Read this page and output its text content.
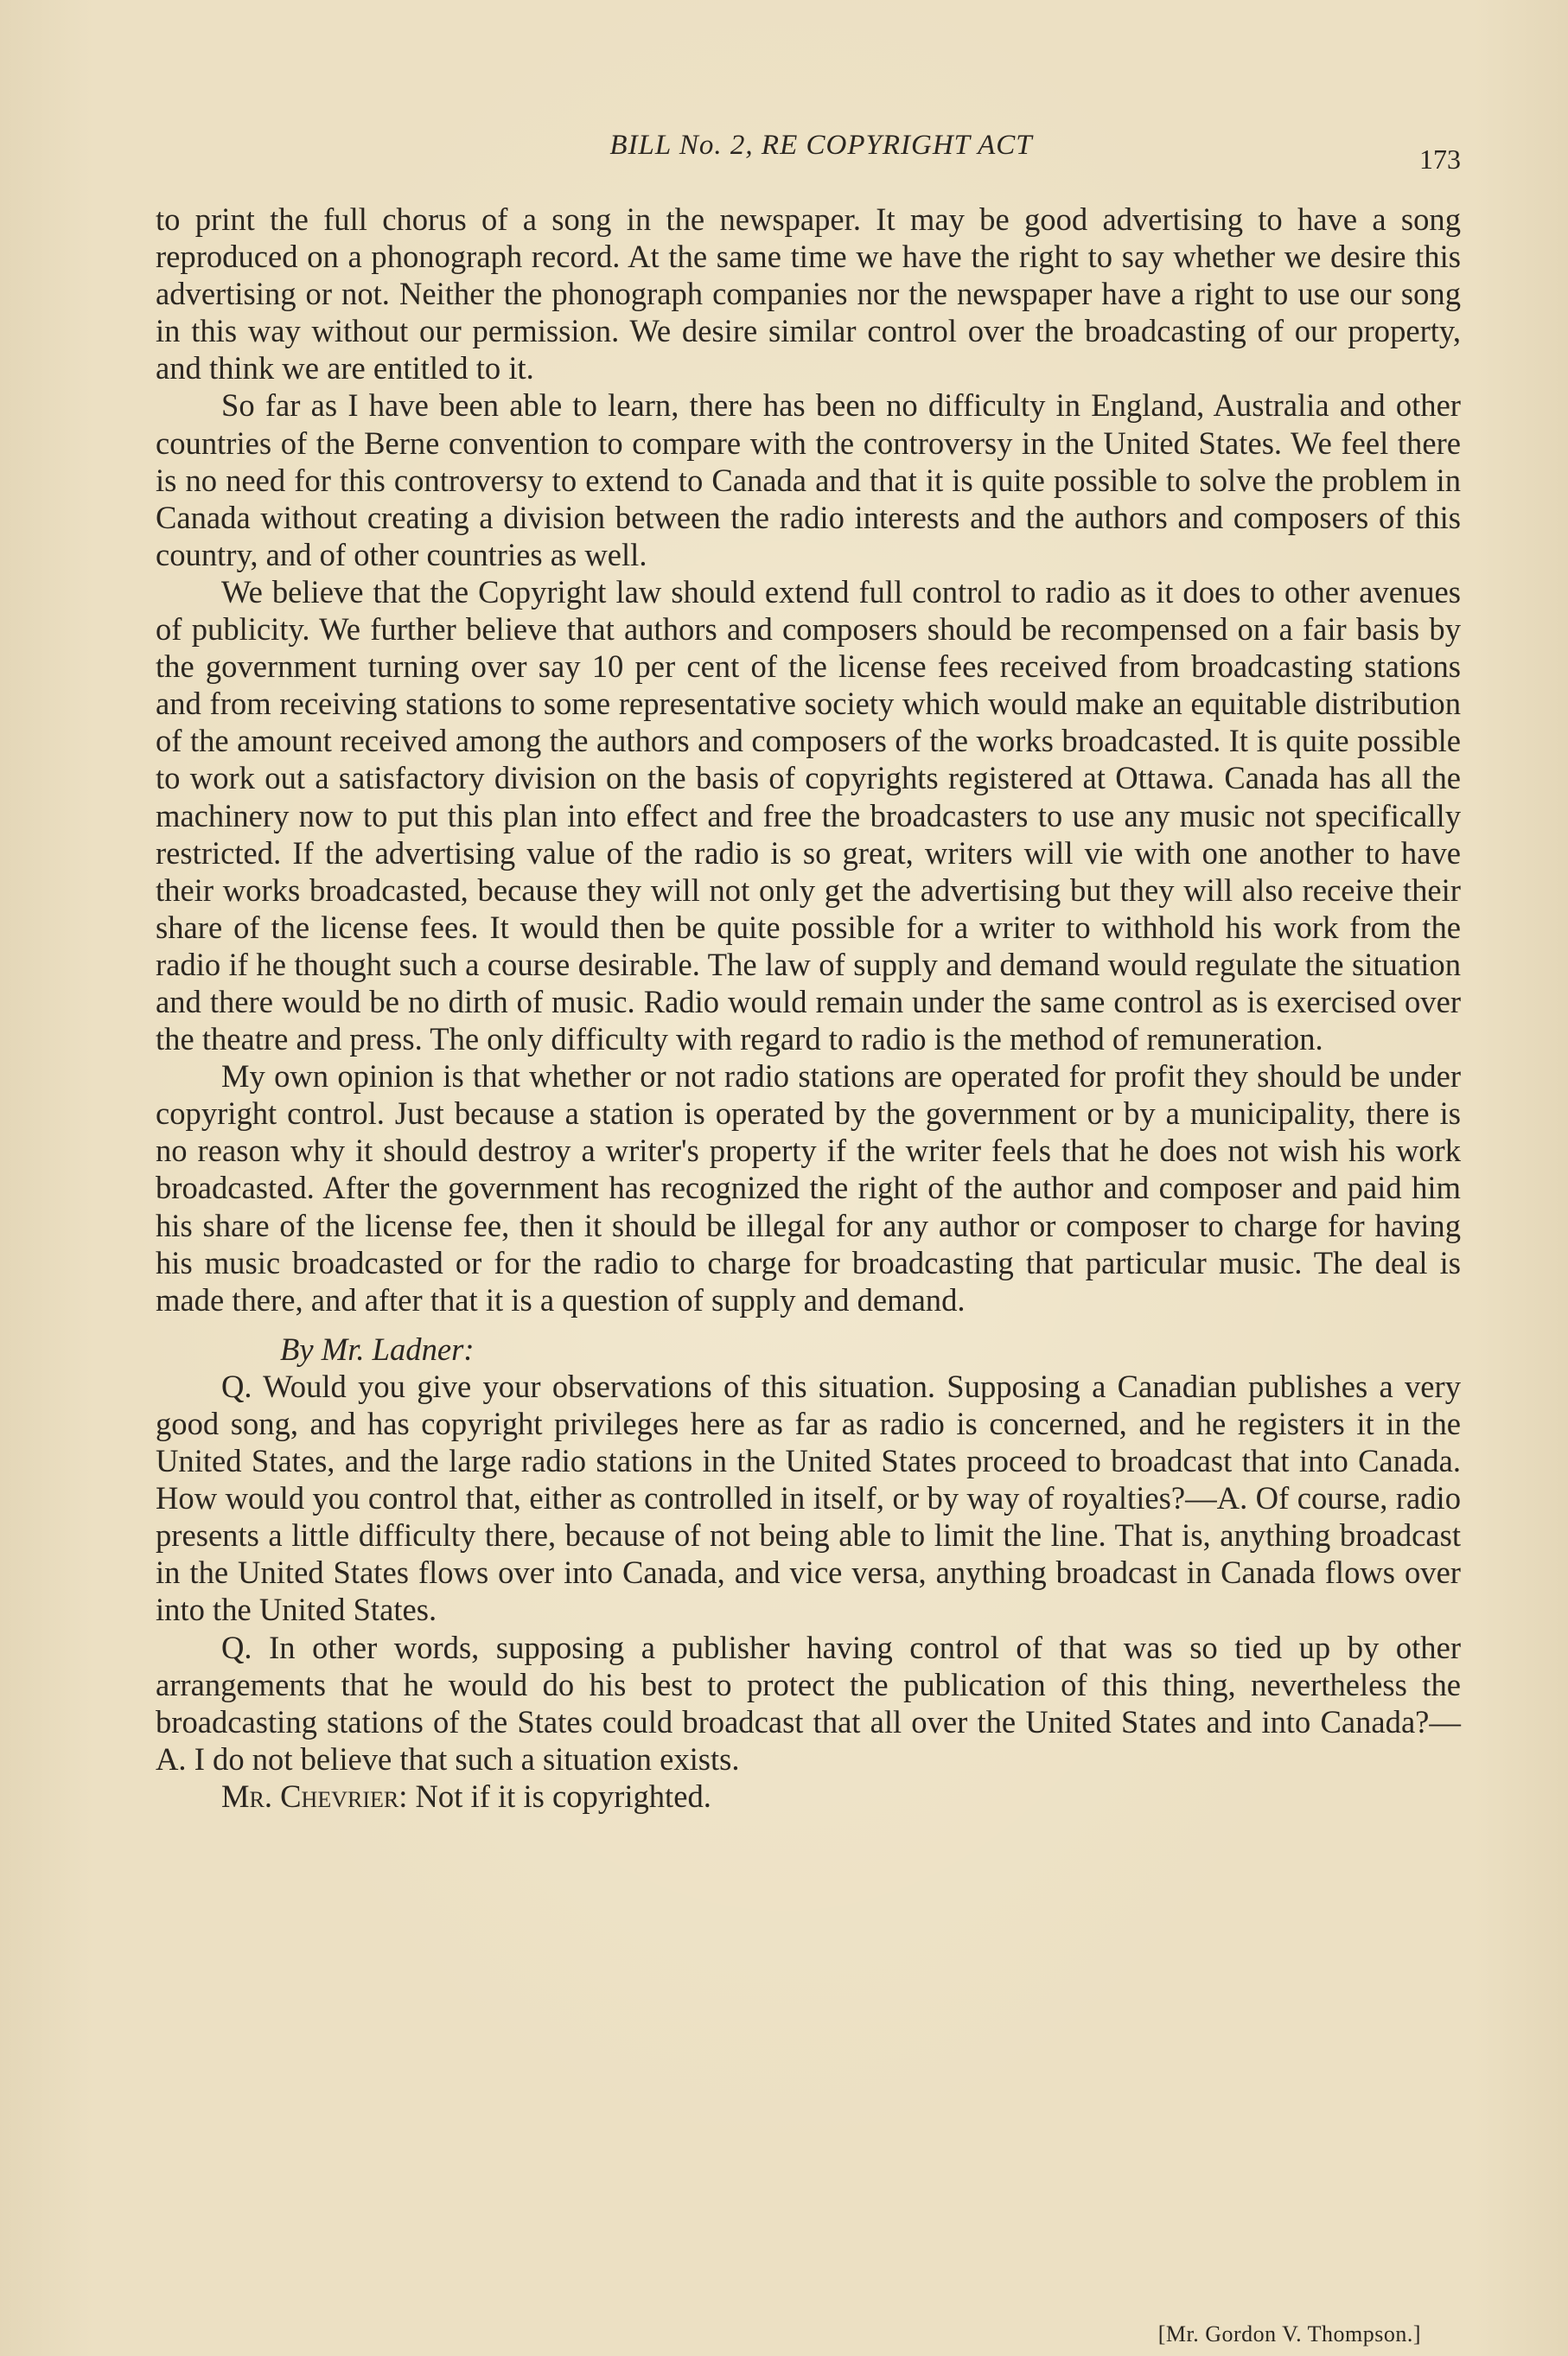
BILL No. 2, RE COPYRIGHT ACT	173

to print the full chorus of a song in the newspaper. It may be good advertising to have a song reproduced on a phonograph record. At the same time we have the right to say whether we desire this advertising or not. Neither the phonograph companies nor the newspaper have a right to use our song in this way without our permission. We desire similar control over the broadcasting of our property, and think we are entitled to it.

So far as I have been able to learn, there has been no difficulty in England, Australia and other countries of the Berne convention to compare with the controversy in the United States. We feel there is no need for this controversy to extend to Canada and that it is quite possible to solve the problem in Canada without creating a division between the radio interests and the authors and composers of this country, and of other countries as well.

We believe that the Copyright law should extend full control to radio as it does to other avenues of publicity. We further believe that authors and composers should be recompensed on a fair basis by the government turning over say 10 per cent of the license fees received from broadcasting stations and from receiving stations to some representative society which would make an equitable distribution of the amount received among the authors and composers of the works broadcasted. It is quite possible to work out a satisfactory division on the basis of copyrights registered at Ottawa. Canada has all the machinery now to put this plan into effect and free the broadcasters to use any music not specifically restricted. If the advertising value of the radio is so great, writers will vie with one another to have their works broadcasted, because they will not only get the advertising but they will also receive their share of the license fees. It would then be quite possible for a writer to withhold his work from the radio if he thought such a course desirable. The law of supply and demand would regulate the situation and there would be no dirth of music. Radio would remain under the same control as is exercised over the theatre and press. The only difficulty with regard to radio is the method of remuneration.

My own opinion is that whether or not radio stations are operated for profit they should be under copyright control. Just because a station is operated by the government or by a municipality, there is no reason why it should destroy a writer's property if the writer feels that he does not wish his work broadcasted. After the government has recognized the right of the author and composer and paid him his share of the license fee, then it should be illegal for any author or composer to charge for having his music broadcasted or for the radio to charge for broadcasting that particular music. The deal is made there, and after that it is a question of supply and demand.

By Mr. Ladner:

Q. Would you give your observations of this situation. Supposing a Canadian publishes a very good song, and has copyright privileges here as far as radio is concerned, and he registers it in the United States, and the large radio stations in the United States proceed to broadcast that into Canada. How would you control that, either as controlled in itself, or by way of royalties?—A. Of course, radio presents a little difficulty there, because of not being able to limit the line. That is, anything broadcast in the United States flows over into Canada, and vice versa, anything broadcast in Canada flows over into the United States.

Q. In other words, supposing a publisher having control of that was so tied up by other arrangements that he would do his best to protect the publication of this thing, nevertheless the broadcasting stations of the States could broadcast that all over the United States and into Canada?—A. I do not believe that such a situation exists.

Mr. Chevrier: Not if it is copyrighted.

[Mr. Gordon V. Thompson.]
